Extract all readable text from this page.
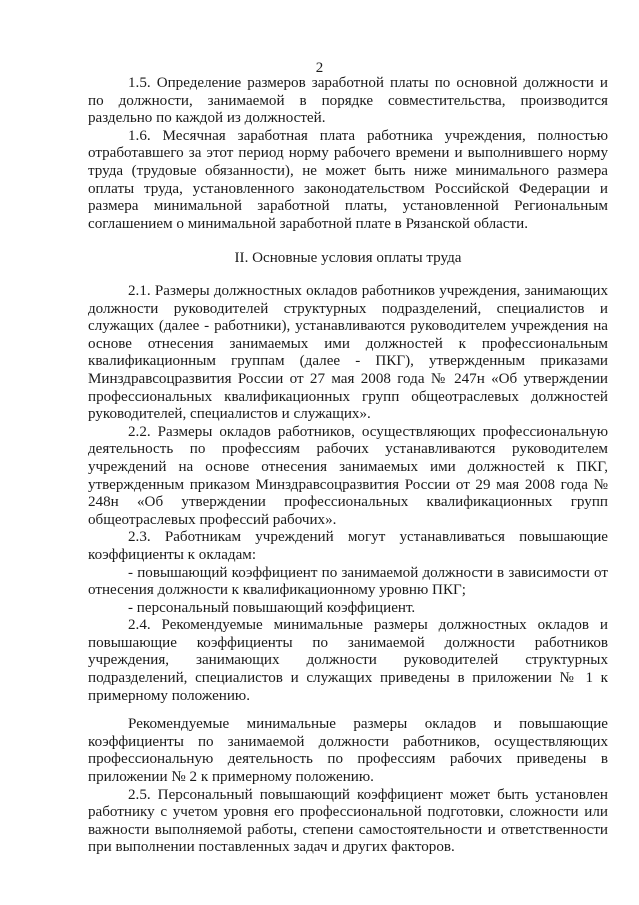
2

1.5. Определение размеров заработной платы по основной должности и по должности, занимаемой в порядке совместительства, производится раздельно по каждой из должностей.

1.6. Месячная заработная плата работника учреждения, полностью отработавшего за этот период норму рабочего времени и выполнившего норму труда (трудовые обязанности), не может быть ниже минимального размера оплаты труда, установленного законодательством Российской Федерации и размера минимальной заработной платы, установленной Региональным соглашением о минимальной заработной плате в Рязанской области.

II. Основные условия оплаты труда

2.1. Размеры должностных окладов работников учреждения, занимающих должности руководителей структурных подразделений, специалистов и служащих (далее - работники), устанавливаются руководителем учреждения на основе отнесения занимаемых ими должностей к профессиональным квалификационным группам (далее - ПКГ), утвержденным приказами Минздравсоцразвития России от 27 мая 2008 года № 247н «Об утверждении профессиональных квалификационных групп общеотраслевых должностей руководителей, специалистов и служащих».

2.2. Размеры окладов работников, осуществляющих профессиональную деятельность по профессиям рабочих устанавливаются руководителем учреждений на основе отнесения занимаемых ими должностей к ПКГ, утвержденным приказом Минздравсоцразвития России от 29 мая 2008 года № 248н «Об утверждении профессиональных квалификационных групп общеотраслевых профессий рабочих».

2.3. Работникам учреждений могут устанавливаться повышающие коэффициенты к окладам:

- повышающий коэффициент по занимаемой должности в зависимости от отнесения должности к квалификационному уровню ПКГ;

- персональный повышающий коэффициент.

2.4. Рекомендуемые минимальные размеры должностных окладов и повышающие коэффициенты по занимаемой должности работников учреждения, занимающих должности руководителей структурных подразделений, специалистов и служащих приведены в приложении № 1 к примерному положению.

Рекомендуемые минимальные размеры окладов и повышающие коэффициенты по занимаемой должности работников, осуществляющих профессиональную деятельность по профессиям рабочих приведены в приложении № 2 к примерному положению.

2.5. Персональный повышающий коэффициент может быть установлен работнику с учетом уровня его профессиональной подготовки, сложности или важности выполняемой работы, степени самостоятельности и ответственности при выполнении поставленных задач и других факторов.
